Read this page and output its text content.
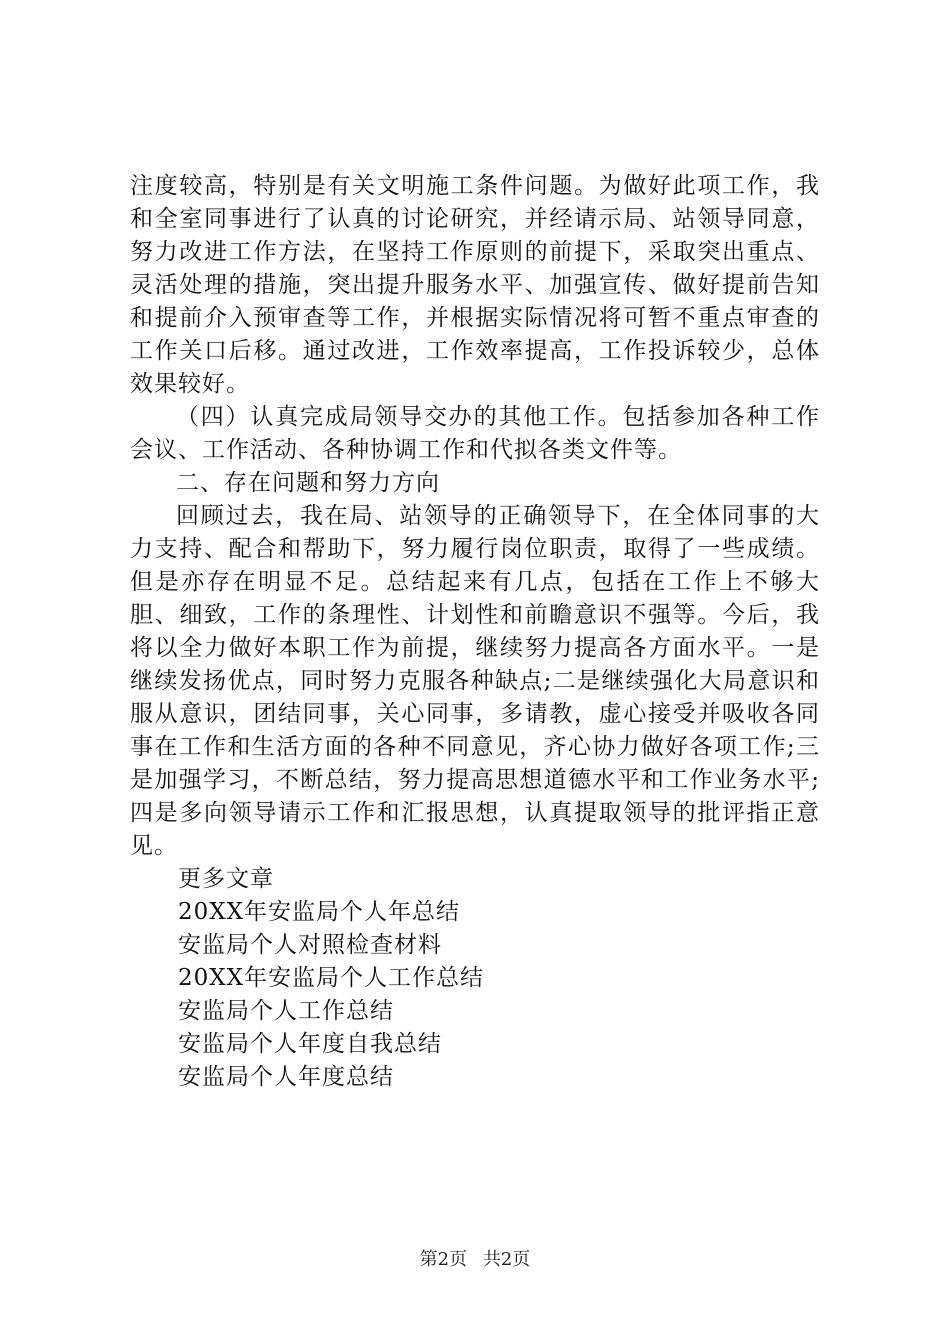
注度较高，特别是有关文明施工条件问题。为做好此项工作，我和全室同事进行了认真的讨论研究，并经请示局、站领导同意，努力改进工作方法，在坚持工作原则的前提下，采取突出重点、灵活处理的措施，突出提升服务水平、加强宣传、做好提前告知和提前介入预审查等工作，并根据实际情况将可暂不重点审查的工作关口后移。通过改进，工作效率提高，工作投诉较少，总体效果较好。

（四）认真完成局领导交办的其他工作。包括参加各种工作会议、工作活动、各种协调工作和代拟各类文件等。

二、存在问题和努力方向

回顾过去，我在局、站领导的正确领导下，在全体同事的大力支持、配合和帮助下，努力履行岗位职责，取得了一些成绩。但是亦存在明显不足。总结起来有几点，包括在工作上不够大胆、细致，工作的条理性、计划性和前瞻意识不强等。今后，我将以全力做好本职工作为前提，继续努力提高各方面水平。一是继续发扬优点，同时努力克服各种缺点;二是继续强化大局意识和服从意识，团结同事，关心同事，多请教，虚心接受并吸收各同事在工作和生活方面的各种不同意见，齐心协力做好各项工作;三是加强学习，不断总结，努力提高思想道德水平和工作业务水平;四是多向领导请示工作和汇报思想，认真提取领导的批评指正意见。

更多文章

20XX年安监局个人年总结
安监局个人对照检查材料
20XX年安监局个人工作总结
安监局个人工作总结
安监局个人年度自我总结
安监局个人年度总结
第2页 共2页
